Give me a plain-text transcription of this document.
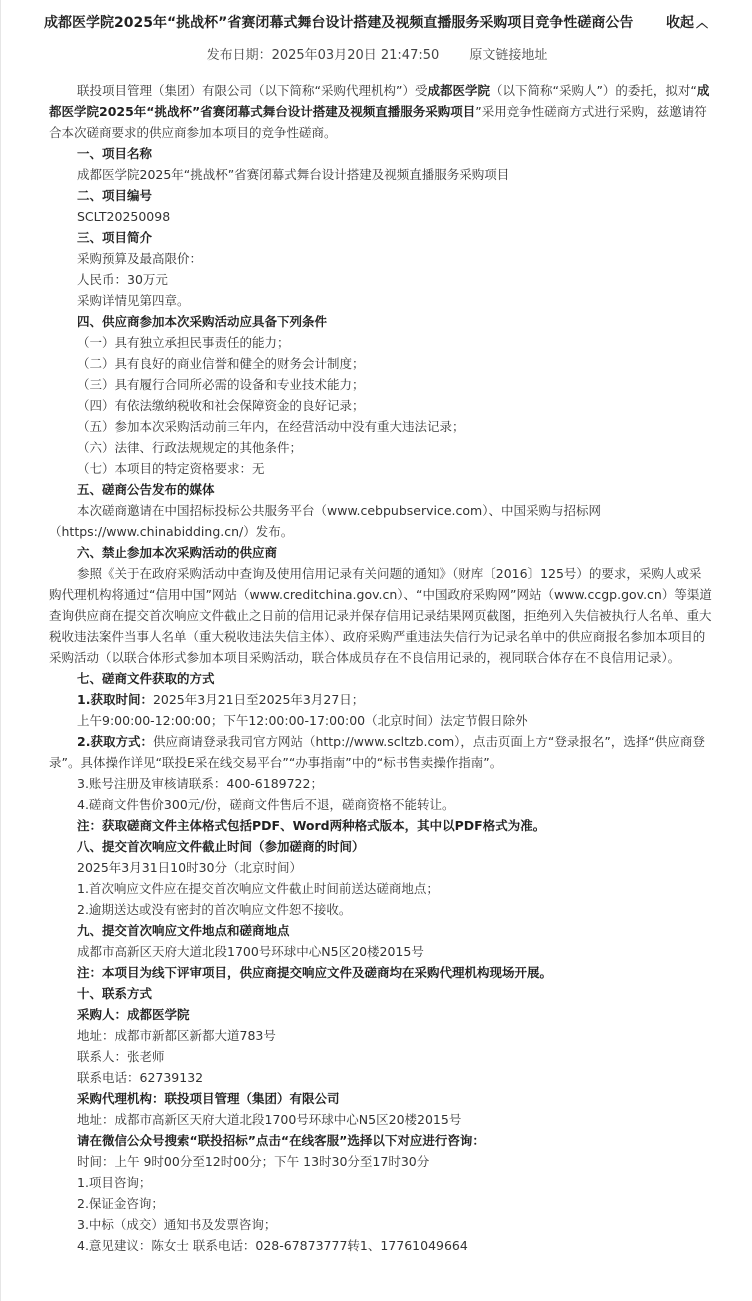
成都医学院2025年“挑战杯”省赛闭幕式舞台设计搭建及视频直播服务采购项目竞争性磋商公告	收起 ︿
发布日期：2025年03月20日 21:47:50 原文链接地址

联投项目管理（集团）有限公司（以下简称“采购代理机构”）受成都医学院（以下简称“采购人”）的委托，拟对“成都医学院2025年“挑战杯”省赛闭幕式舞台设计搭建及视频直播服务采购项目”采用竞争性磋商方式进行采购，兹邀请符合本次磋商要求的供应商参加本项目的竞争性磋商。

一、项目名称

成都医学院2025年“挑战杯”省赛闭幕式舞台设计搭建及视频直播服务采购项目

二、项目编号

SCLT20250098

三、项目简介

采购预算及最高限价：

人民币：30万元

采购详情见第四章。

四、供应商参加本次采购活动应具备下列条件

（一）具有独立承担民事责任的能力；

（二）具有良好的商业信誉和健全的财务会计制度；

（三）具有履行合同所必需的设备和专业技术能力；

（四）有依法缴纳税收和社会保障资金的良好记录；

（五）参加本次采购活动前三年内，在经营活动中没有重大违法记录；

（六）法律、行政法规规定的其他条件；

（七）本项目的特定资格要求：无

五、磋商公告发布的媒体

本次磋商邀请在中国招标投标公共服务平台（www.cebpubservice.com）、中国采购与招标网（https://www.chinabidding.cn/）发布。

六、禁止参加本次采购活动的供应商

参照《关于在政府采购活动中查询及使用信用记录有关问题的通知》（财库〔2016〕125号）的要求，采购人或采购代理机构将通过“信用中国”网站（www.creditchina.gov.cn）、“中国政府采购网”网站（www.ccgp.gov.cn）等渠道查询供应商在提交首次响应文件截止之日前的信用记录并保存信用记录结果网页截图，拒绝列入失信被执行人名单、重大税收违法案件当事人名单（重大税收违法失信主体）、政府采购严重违法失信行为记录名单中的供应商报名参加本项目的采购活动（以联合体形式参加本项目采购活动，联合体成员存在不良信用记录的，视同联合体存在不良信用记录）。

七、磋商文件获取的方式

1.获取时间：2025年3月21日至2025年3月27日；

上午9:00:00-12:00:00；下午12:00:00-17:00:00（北京时间）法定节假日除外

2.获取方式：供应商请登录我司官方网站（http://www.scltzb.com），点击页面上方“登录报名”，选择“供应商登录”。具体操作详见“联投E采在线交易平台”“办事指南”中的“标书售卖操作指南”。

3.账号注册及审核请联系：400-6189722；

4.磋商文件售价300元/份，磋商文件售后不退，磋商资格不能转让。

注：获取磋商文件主体格式包括PDF、Word两种格式版本，其中以PDF格式为准。

八、提交首次响应文件截止时间（参加磋商的时间）

2025年3月31日10时30分（北京时间）

1.首次响应文件应在提交首次响应文件截止时间前送达磋商地点；

2.逾期送达或没有密封的首次响应文件恕不接收。

九、提交首次响应文件地点和磋商地点

成都市高新区天府大道北段1700号环球中心N5区20楼2015号

注：本项目为线下评审项目，供应商提交响应文件及磋商均在采购代理机构现场开展。

十、联系方式

采购人：成都医学院

地址：成都市新都区新都大道783号

联系人：张老师

联系电话：62739132

采购代理机构：联投项目管理（集团）有限公司

地址：成都市高新区天府大道北段1700号环球中心N5区20楼2015号

请在微信公众号搜索“联投招标”点击“在线客服”选择以下对应进行咨询：

时间：上午 9时00分至12时00分；下午 13时30分至17时30分

1.项目咨询；

2.保证金咨询；

3.中标（成交）通知书及发票咨询；

4.意见建议：陈女士 联系电话：028-67873777转1、17761049664
